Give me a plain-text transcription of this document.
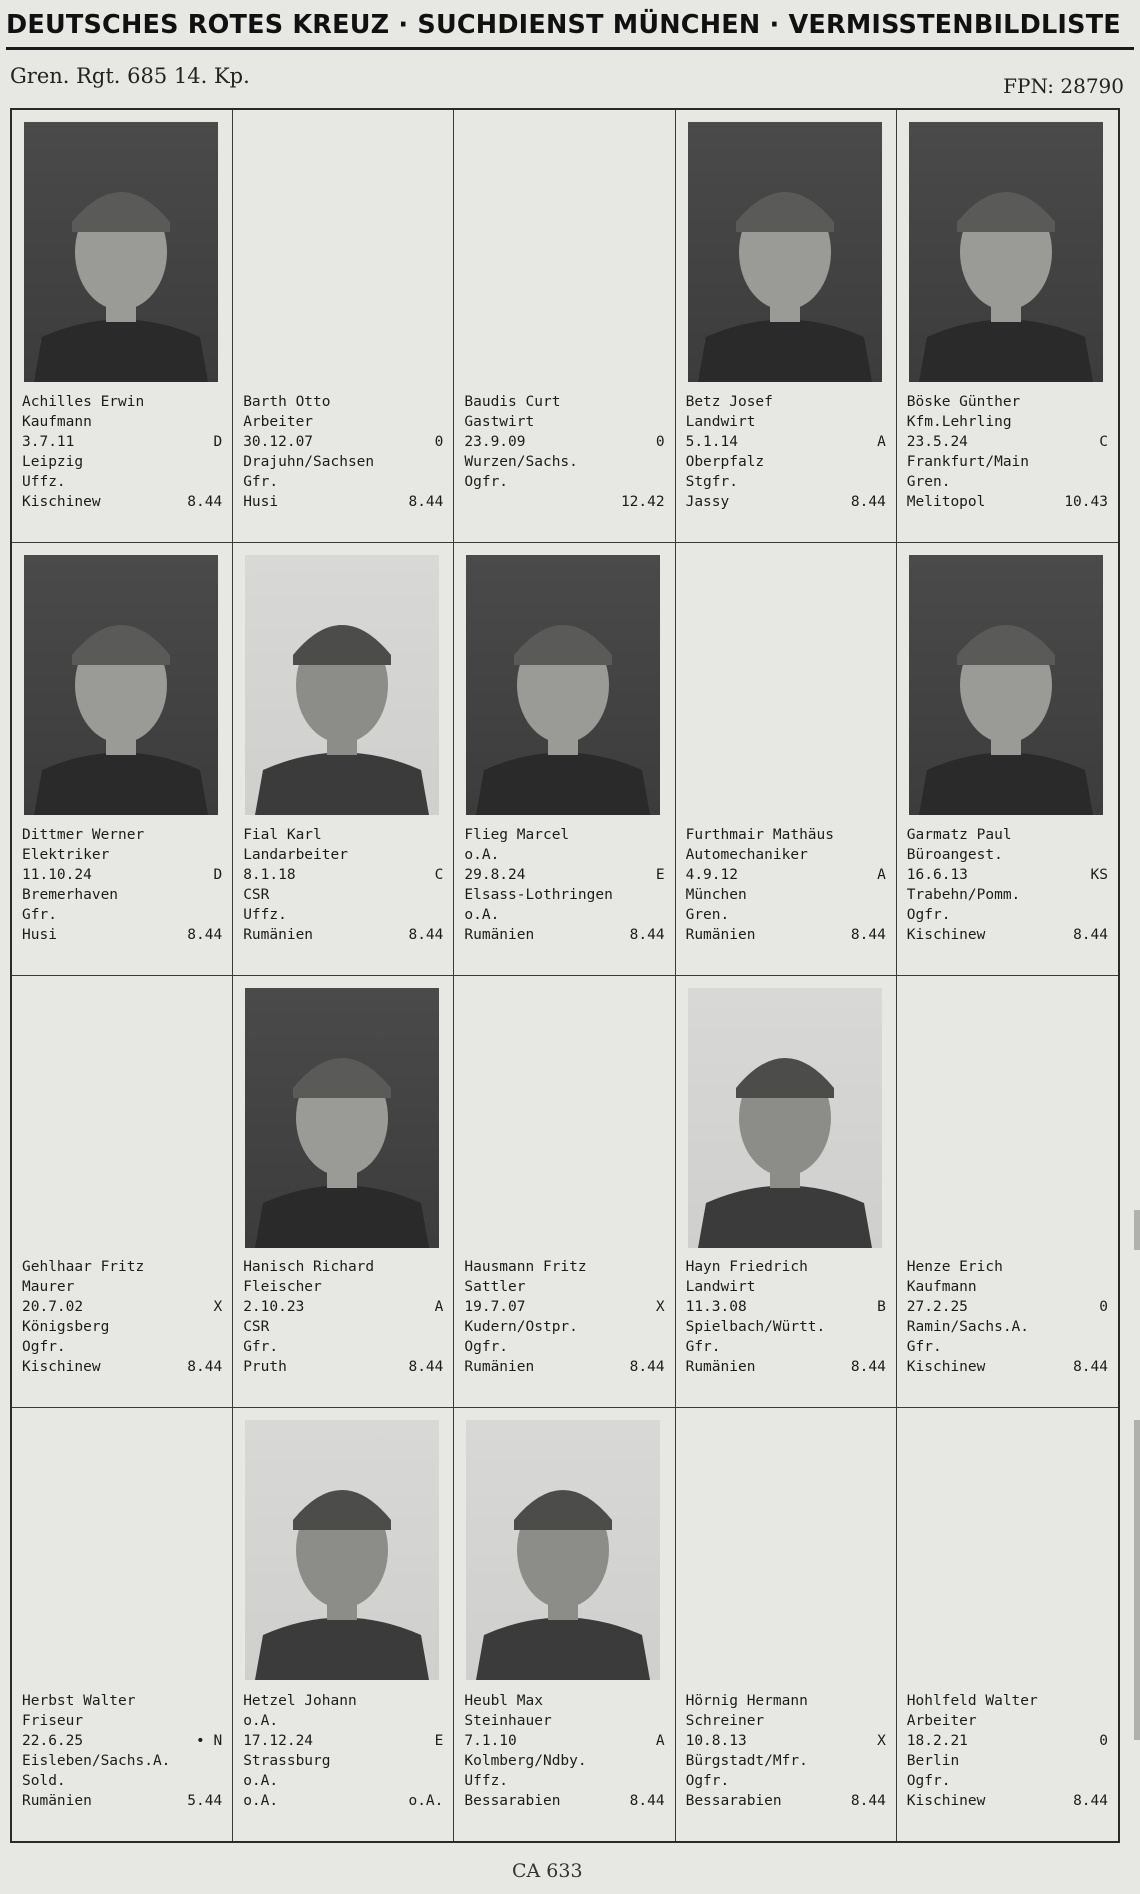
DEUTSCHES ROTES KREUZ · SUCHDIENST MÜNCHEN · VERMISSTENBILDLISTE
Gren. Rgt. 685 14. Kp.	FPN: 28790
Achilles Erwin
Kaufmann
3.7.11	D
Leipzig
Uffz.
Kischinew	8.44
Barth Otto
Arbeiter
30.12.07	0
Drajuhn/Sachsen
Gfr.
Husi	8.44
Baudis Curt
Gastwirt
23.9.09	0
Wurzen/Sachs.
Ogfr.
12.42
Betz Josef
Landwirt
5.1.14	A
Oberpfalz
Stgfr.
Jassy	8.44
Böske Günther
Kfm.Lehrling
23.5.24	C
Frankfurt/Main
Gren.
Melitopol	10.43
Dittmer Werner
Elektriker
11.10.24	D
Bremerhaven
Gfr.
Husi	8.44
Fial Karl
Landarbeiter
8.1.18	C
CSR
Uffz.
Rumänien	8.44
Flieg Marcel
o.A.
29.8.24	E
Elsass-Lothringen
o.A.
Rumänien	8.44
Furthmair Mathäus
Automechaniker
4.9.12	A
München
Gren.
Rumänien	8.44
Garmatz Paul
Büroangest.
16.6.13	KS
Trabehn/Pomm.
Ogfr.
Kischinew	8.44
Gehlhaar Fritz
Maurer
20.7.02	X
Königsberg
Ogfr.
Kischinew	8.44
Hanisch Richard
Fleischer
2.10.23	A
CSR
Gfr.
Pruth	8.44
Hausmann Fritz
Sattler
19.7.07	X
Kudern/Ostpr.
Ogfr.
Rumänien	8.44
Hayn Friedrich
Landwirt
11.3.08	B
Spielbach/Württ.
Gfr.
Rumänien	8.44
Henze Erich
Kaufmann
27.2.25	0
Ramin/Sachs.A.
Gfr.
Kischinew	8.44
Herbst Walter
Friseur
22.6.25	• N
Eisleben/Sachs.A.
Sold.
Rumänien	5.44
Hetzel Johann
o.A.
17.12.24	E
Strassburg
o.A.
o.A.	o.A.
Heubl Max
Steinhauer
7.1.10	A
Kolmberg/Ndby.
Uffz.
Bessarabien	8.44
Hörnig Hermann
Schreiner
10.8.13	X
Bürgstadt/Mfr.
Ogfr.
Bessarabien	8.44
Hohlfeld Walter
Arbeiter
18.2.21	0
Berlin
Ogfr.
Kischinew	8.44
CA 633
